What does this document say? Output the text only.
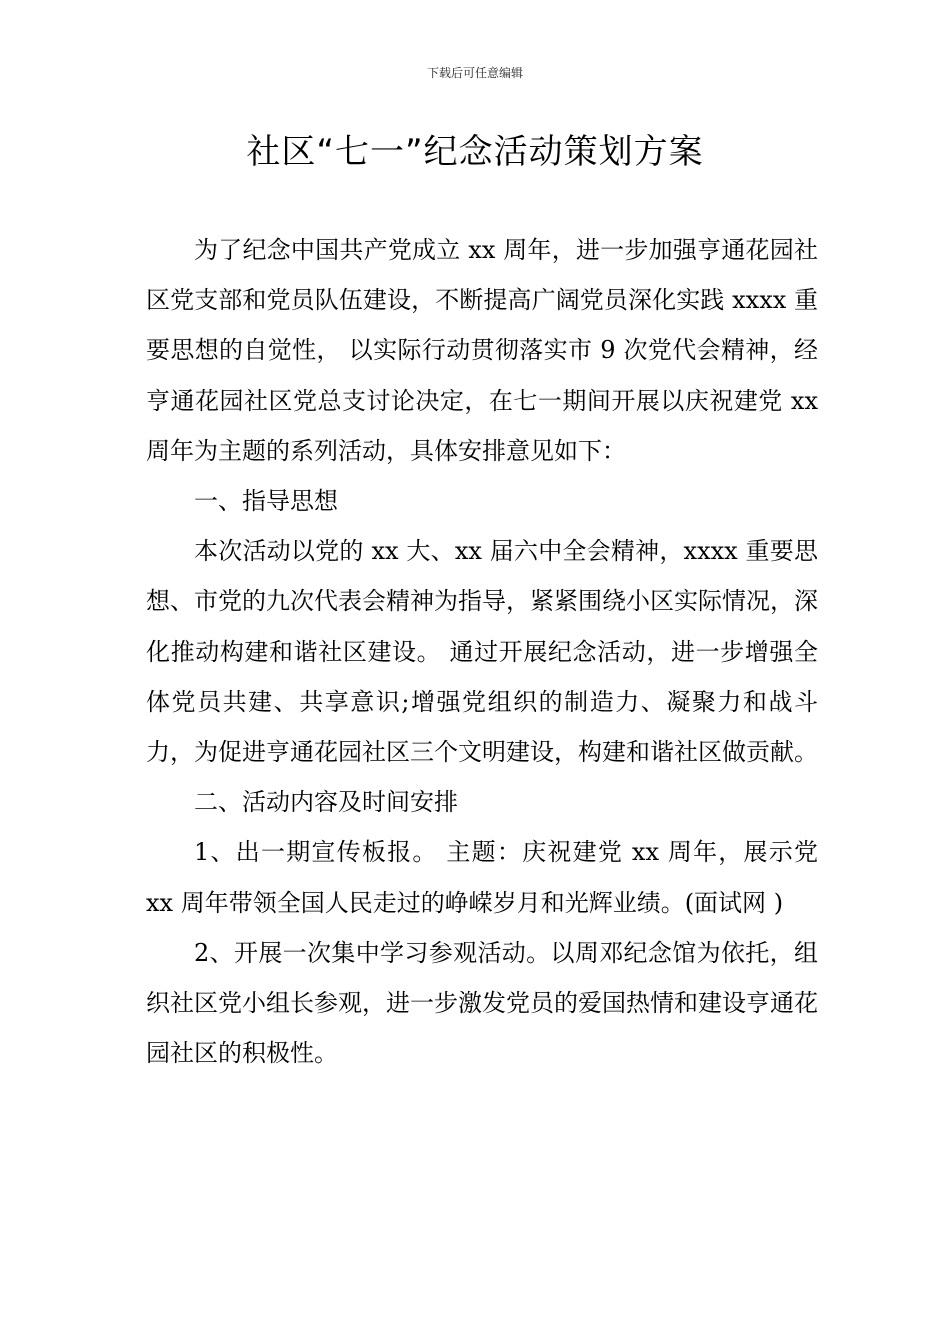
下载后可任意编辑
社区“七一”纪念活动策划方案

为了纪念中国共产党成立 xx 周年，进一步加强亨通花园社区党支部和党员队伍建设，不断提高广阔党员深化实践 xxxx 重要思想的自觉性， 以实际行动贯彻落实市 9 次党代会精神，经亨通花园社区党总支讨论决定，在七一期间开展以庆祝建党 xx 周年为主题的系列活动，具体安排意见如下：

一、指导思想

本次活动以党的 xx 大、xx 届六中全会精神，xxxx 重要思想、市党的九次代表会精神为指导，紧紧围绕小区实际情况，深化推动构建和谐社区建设。 通过开展纪念活动，进一步增强全体党员共建、共享意识;增强党组织的制造力、凝聚力和战斗力，为促进亨通花园社区三个文明建设，构建和谐社区做贡献。

二、活动内容及时间安排

1、出一期宣传板报。 主题：庆祝建党 xx 周年，展示党 xx 周年带领全国人民走过的峥嵘岁月和光辉业绩。(面试网 )

2、开展一次集中学习参观活动。以周邓纪念馆为依托，组织社区党小组长参观，进一步激发党员的爱国热情和建设亨通花园社区的积极性。
